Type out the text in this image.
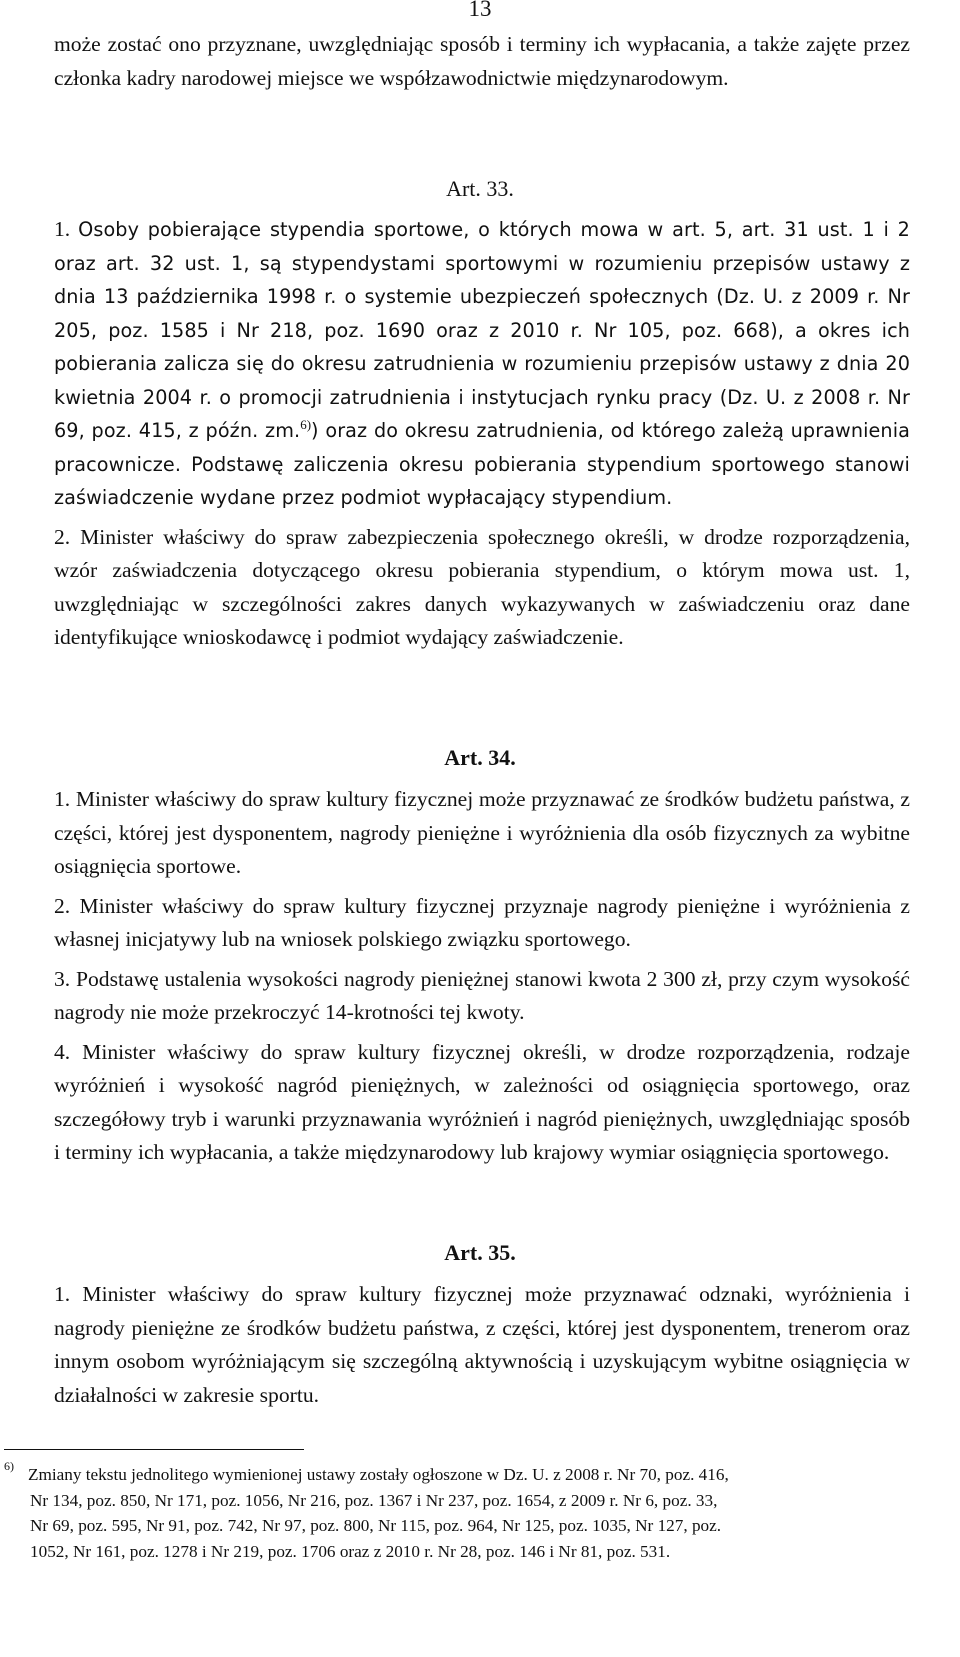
13
może zostać ono przyznane, uwzględniając sposób i terminy ich wypłacania, a także zajęte przez członka kadry narodowej miejsce we współzawodnictwie międzynarodowym.
Art. 33.
1. Osoby pobierające stypendia sportowe, o których mowa w art. 5, art. 31 ust. 1 i 2 oraz art. 32 ust. 1, są stypendystami sportowymi w rozumieniu przepisów ustawy z dnia 13 października 1998 r. o systemie ubezpieczeń społecznych (Dz. U. z 2009 r. Nr 205, poz. 1585 i Nr 218, poz. 1690 oraz z 2010 r. Nr 105, poz. 668), a okres ich pobierania zalicza się do okresu zatrudnienia w rozumieniu przepisów ustawy z dnia 20 kwietnia 2004 r. o promocji zatrudnienia i instytucjach rynku pracy (Dz. U. z 2008 r. Nr 69, poz. 415, z późn. zm.$^{6)}$) oraz do okresu zatrudnienia, od którego zależą uprawnienia pracownicze. Podstawę zaliczenia okresu pobierania stypendium sportowego stanowi zaświadczenie wydane przez podmiot wypłacający stypendium.
2. Minister właściwy do spraw zabezpieczenia społecznego określi, w drodze rozporządzenia, wzór zaświadczenia dotyczącego okresu pobierania stypendium, o którym mowa ust. 1, uwzględniając w szczególności zakres danych wykazywanych w zaświadczeniu oraz dane identyfikujące wnioskodawcę i podmiot wydający zaświadczenie.
Art. 34.
1. Minister właściwy do spraw kultury fizycznej może przyznawać ze środków budżetu państwa, z części, której jest dysponentem, nagrody pieniężne i wyróżnienia dla osób fizycznych za wybitne osiągnięcia sportowe.
2. Minister właściwy do spraw kultury fizycznej przyznaje nagrody pieniężne i wyróżnienia z własnej inicjatywy lub na wniosek polskiego związku sportowego.
3. Podstawę ustalenia wysokości nagrody pieniężnej stanowi kwota 2 300 zł, przy czym wysokość nagrody nie może przekroczyć 14-krotności tej kwoty.
4. Minister właściwy do spraw kultury fizycznej określi, w drodze rozporządzenia, rodzaje wyróżnień i wysokość nagród pieniężnych, w zależności od osiągnięcia sportowego, oraz szczegółowy tryb i warunki przyznawania wyróżnień i nagród pieniężnych, uwzględniając sposób i terminy ich wypłacania, a także międzynarodowy lub krajowy wymiar osiągnięcia sportowego.
Art. 35.
1. Minister właściwy do spraw kultury fizycznej może przyznawać odznaki, wyróżnienia i nagrody pieniężne ze środków budżetu państwa, z części, której jest dysponentem, trenerom oraz innym osobom wyróżniającym się szczególną aktywnością i uzyskującym wybitne osiągnięcia w działalności w zakresie sportu.
6) Zmiany tekstu jednolitego wymienionej ustawy zostały ogłoszone w Dz. U. z 2008 r. Nr 70, poz. 416,
Nr 134, poz. 850, Nr 171, poz. 1056, Nr 216, poz. 1367 i Nr 237, poz. 1654, z 2009 r. Nr 6, poz. 33,
Nr 69, poz. 595, Nr 91, poz. 742, Nr 97, poz. 800, Nr 115, poz. 964, Nr 125, poz. 1035, Nr 127, poz.
1052, Nr 161, poz. 1278 i Nr 219, poz. 1706 oraz z 2010 r. Nr 28, poz. 146 i Nr 81, poz. 531.
